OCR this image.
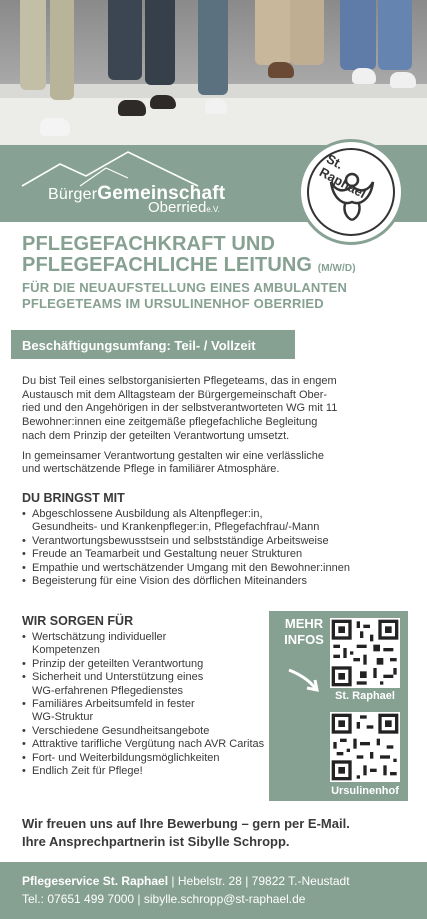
BürgerGemeinschaft
Oberriede.V.
St. Raphael
PFLEGEFACHKRAFT UND
PFLEGEFACHLICHE LEITUNG (M/W/D)
FÜR DIE NEUAUFSTELLUNG EINES AMBULANTEN
PFLEGETEAMS IM URSULINENHOF OBERRIED
Beschäftigungsumfang: Teil- / Vollzeit

Du bist Teil eines selbstorganisierten Pflegeteams, das in engem
Austausch mit dem Alltagsteam der Bürgergemeinschaft Ober-
ried und den Angehörigen in der selbstverantworteten WG mit 11
Bewohner:innen eine zeitgemäße pflegefachliche Begleitung
nach dem Prinzip der geteilten Verantwortung umsetzt.

In gemeinsamer Verantwortung gestalten wir eine verlässliche
und wertschätzende Pflege in familiärer Atmosphäre.

DU BRINGST MIT
• Abgeschlossene Ausbildung als Altenpfleger:in,
Gesundheits- und Krankenpfleger:in, Pflegefachfrau/-Mann
• Verantwortungsbewusstsein und selbstständige Arbeitsweise
• Freude an Teamarbeit und Gestaltung neuer Strukturen
• Empathie und wertschätzender Umgang mit den Bewohner:innen
• Begeisterung für eine Vision des dörflichen Miteinanders
WIR SORGEN FÜR
• Wertschätzung individueller
Kompetenzen
• Prinzip der geteilten Verantwortung
• Sicherheit und Unterstützung eines
WG-erfahrenen Pflegedienstes
• Familiäres Arbeitsumfeld in fester
WG-Struktur
• Verschiedene Gesundheitsangebote
• Attraktive tarifliche Vergütung nach AVR Caritas
• Fort- und Weiterbildungsmöglichkeiten
• Endlich Zeit für Pflege!
MEHR
INFOS
St. Raphael
Ursulinenhof
Wir freuen uns auf Ihre Bewerbung – gern per E-Mail.
Ihre Ansprechpartnerin ist Sibylle Schropp.
Pflegeservice St. Raphael | Hebelstr. 28 | 79822 T.-Neustadt
Tel.: 07651 499 7000 | sibylle.schropp@st-raphael.de
